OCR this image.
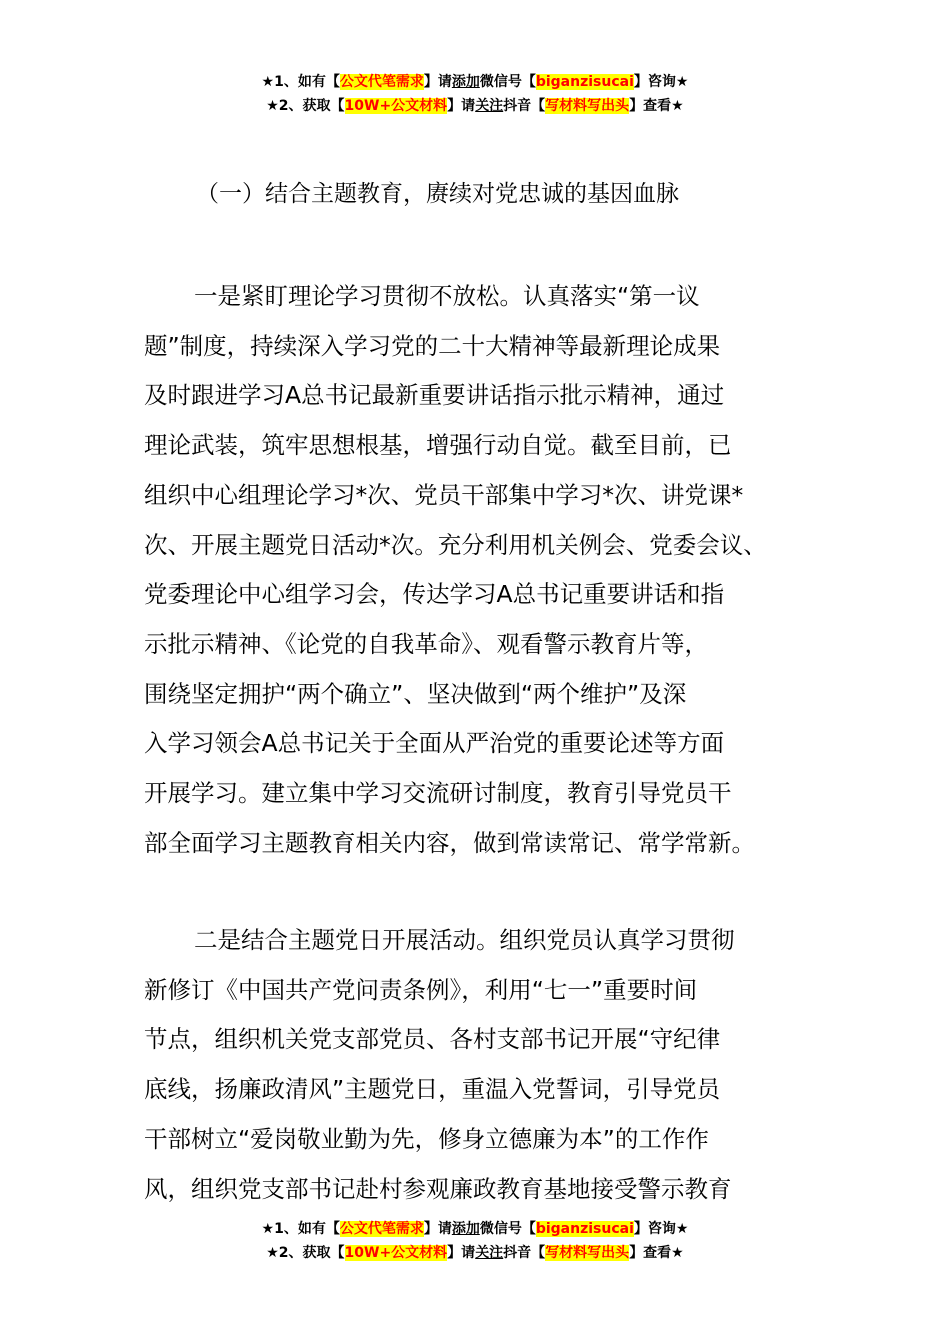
★1、如有【公文代笔需求】请添加微信号【biganzisucai】咨询★
★2、获取【10W+公文材料】请关注抖音【写材料写出头】查看★
（一）结合主题教育，赓续对党忠诚的基因血脉
一是紧盯理论学习贯彻不放松。认真落实“第一议
题”制度，持续深入学习党的二十大精神等最新理论成果
及时跟进学习A总书记最新重要讲话指示批示精神，通过
理论武装，筑牢思想根基，增强行动自觉。截至目前，已
组织中心组理论学习*次、党员干部集中学习*次、讲党课*
次、开展主题党日活动*次。充分利用机关例会、党委会议、
党委理论中心组学习会，传达学习A总书记重要讲话和指
示批示精神、《论党的自我革命》、观看警示教育片等，
围绕坚定拥护“两个确立”、坚决做到“两个维护”及深
入学习领会A总书记关于全面从严治党的重要论述等方面
开展学习。建立集中学习交流研讨制度，教育引导党员干
部全面学习主题教育相关内容，做到常读常记、常学常新。
二是结合主题党日开展活动。组织党员认真学习贯彻
新修订《中国共产党问责条例》，利用“七一”重要时间
节点，组织机关党支部党员、各村支部书记开展“守纪律
底线，扬廉政清风”主题党日，重温入党誓词，引导党员
干部树立“爱岗敬业勤为先，修身立德廉为本”的工作作
风，组织党支部书记赴村参观廉政教育基地接受警示教育
★1、如有【公文代笔需求】请添加微信号【biganzisucai】咨询★
★2、获取【10W+公文材料】请关注抖音【写材料写出头】查看★
